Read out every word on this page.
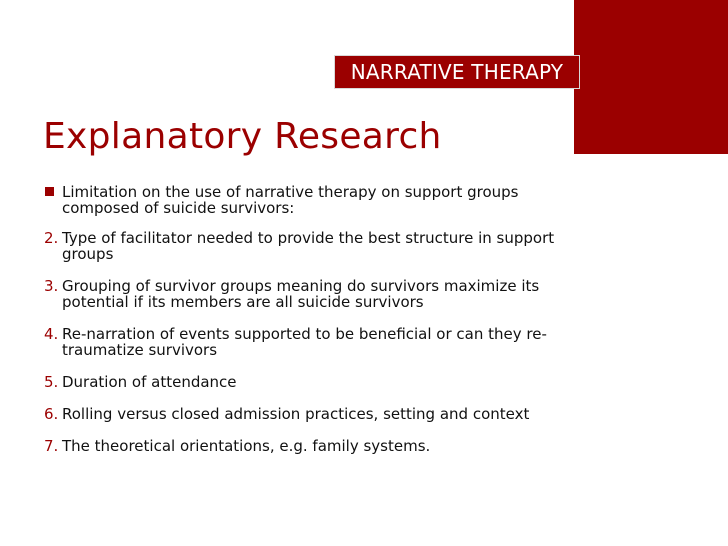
NARRATIVE THERAPY
Explanatory Research
Limitation on the use of narrative therapy on support groups composed of suicide survivors:
2. Type of facilitator needed to provide the best structure in support groups
3. Grouping of survivor groups meaning do survivors maximize its potential if its members are all suicide survivors
4. Re-narration of events supported to be beneficial or can they re-traumatize survivors
5. Duration of attendance
6. Rolling versus closed admission practices, setting and context
7. The theoretical orientations, e.g. family systems.
